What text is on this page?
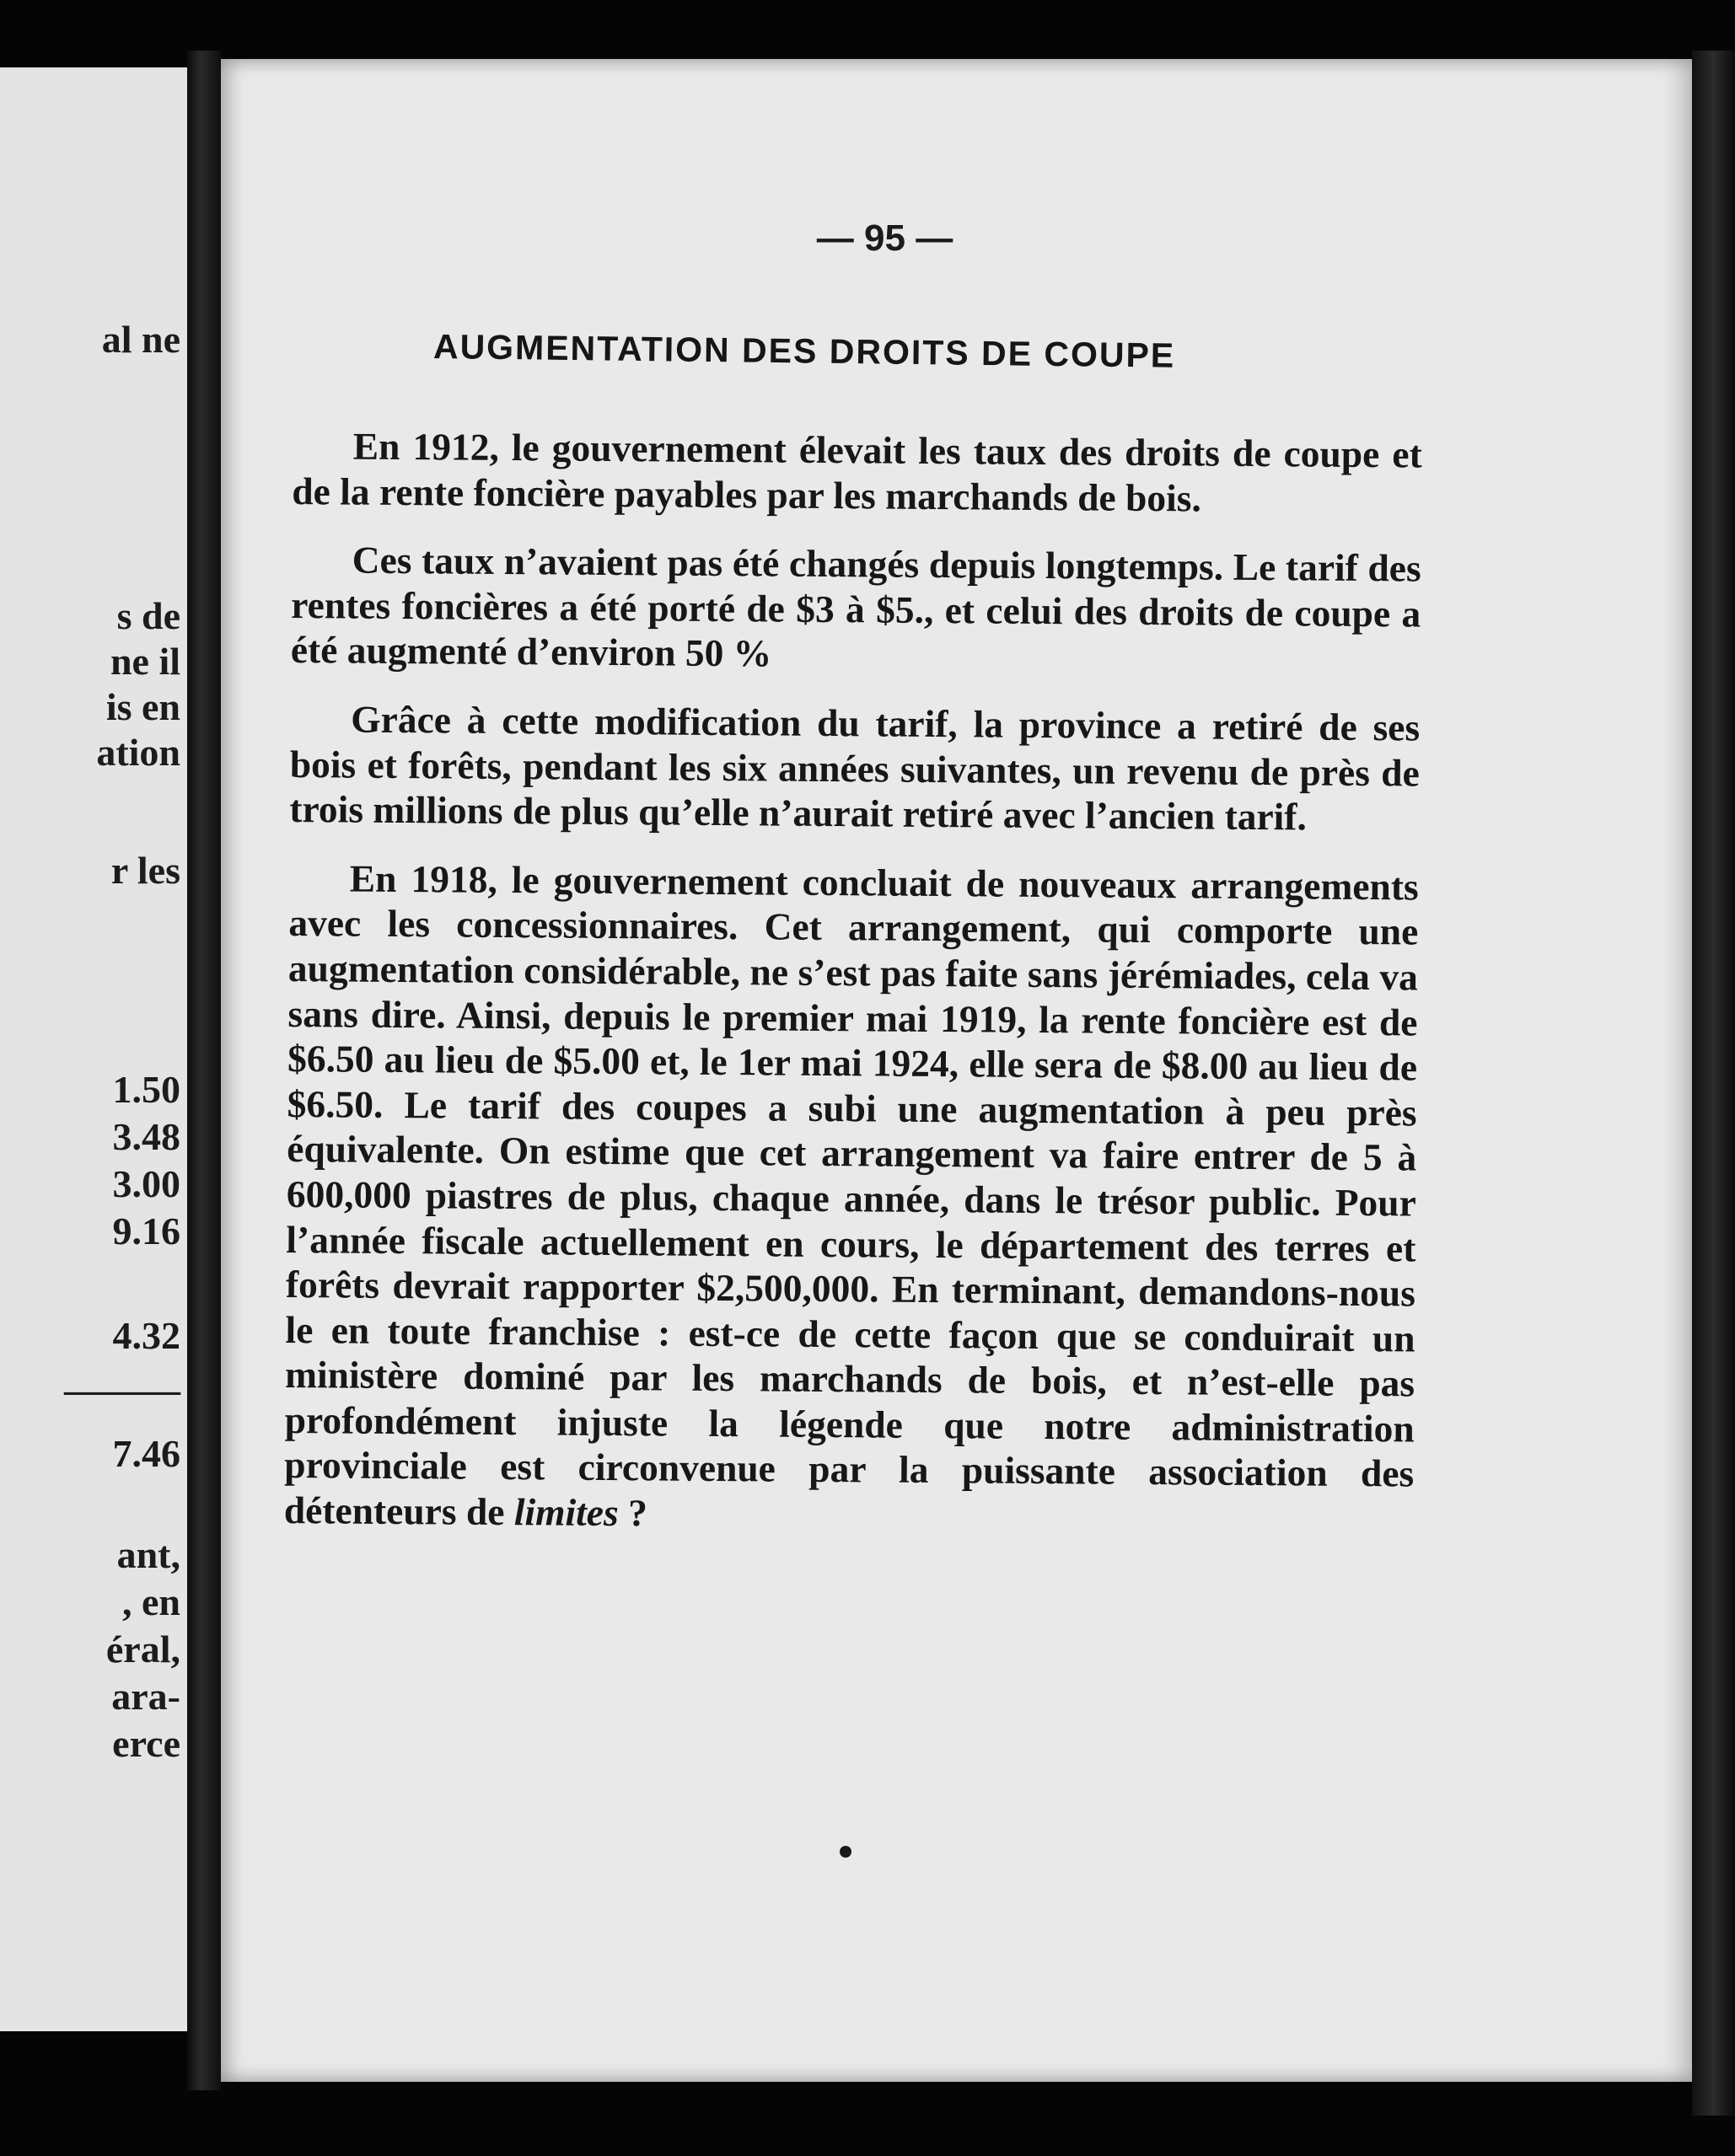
al ne
s de
ne il
is en
ation
r les
1.50
3.48
3.00
9.16
4.32
———
7.46
ant,
, en
éral,
ara-
erce
— 95 —
AUGMENTATION DES DROITS DE COUPE

En 1912, le gouvernement élevait les taux des droits de coupe et de la rente foncière payables par les marchands de bois.

Ces taux n’avaient pas été changés depuis longtemps. Le tarif des rentes foncières a été porté de $3 à $5., et celui des droits de coupe a été augmenté d’environ 50 %

Grâce à cette modification du tarif, la province a retiré de ses bois et forêts, pendant les six années suivantes, un revenu de près de trois millions de plus qu’elle n’aurait retiré avec l’ancien tarif.

En 1918, le gouvernement concluait de nouveaux arrangements avec les concessionnaires. Cet arrangement, qui comporte une augmentation considérable, ne s’est pas faite sans jérémiades, cela va sans dire. Ainsi, depuis le premier mai 1919, la rente foncière est de $6.50 au lieu de $5.00 et, le 1er mai 1924, elle sera de $8.00 au lieu de $6.50. Le tarif des coupes a subi une augmentation à peu près équivalente. On estime que cet arrangement va faire entrer de 5 à 600,000 piastres de plus, chaque année, dans le trésor public. Pour l’année fiscale actuellement en cours, le département des terres et forêts devrait rapporter $2,500,000. En terminant, demandons-nous le en toute franchise : est-ce de cette façon que se conduirait un ministère dominé par les marchands de bois, et n’est-elle pas profondément injuste la légende que notre administration provinciale est circonvenue par la puissante association des détenteurs de limites ?
